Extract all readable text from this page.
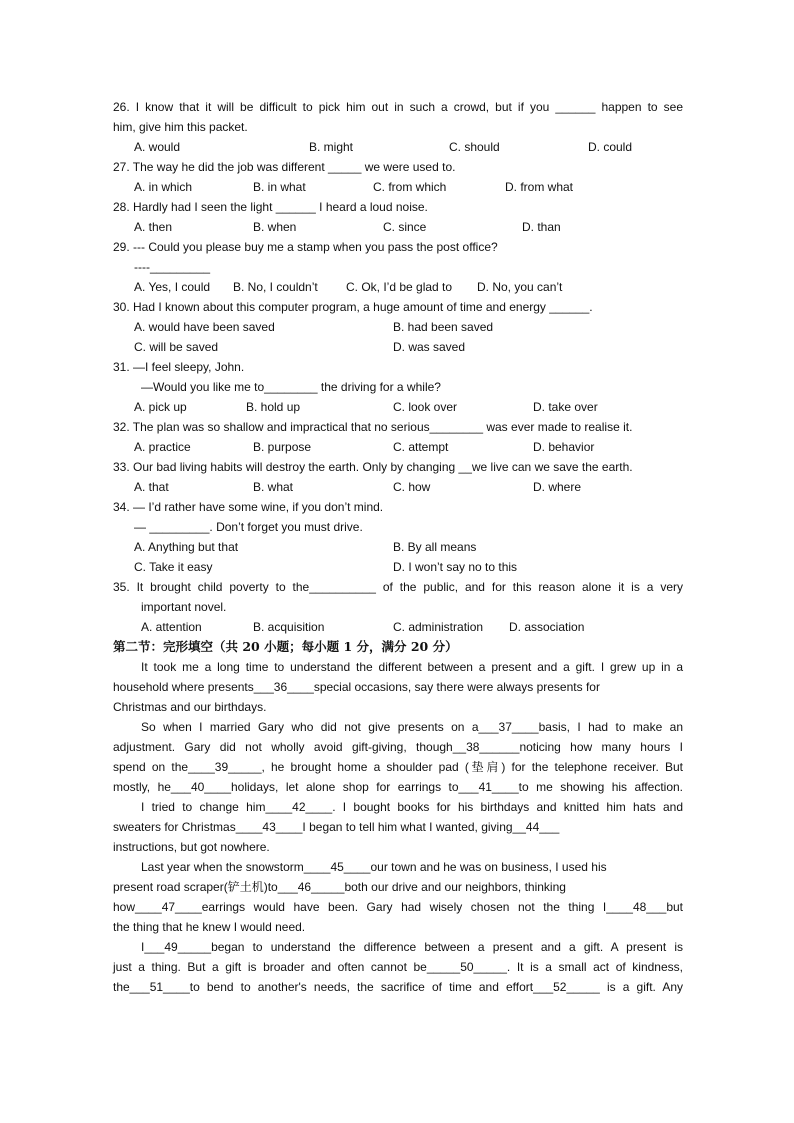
26. I know that it will be difficult to pick him out in such a crowd, but if you ______ happen to see
him, give him this packet.
A. would	B. might	C. should	D. could
27. The way he did the job was different _____ we were used to.
A. in which	B. in what	C. from which	D. from what
28. Hardly had I seen the light ______ I heard a loud noise.
A. then	B. when	C. since	D. than
29. --- Could you please buy me a stamp when you pass the post office?
----_________
A. Yes, I could B. No, I couldn’t C. Ok, I’d be glad to D. No, you can’t
30. Had I known about this computer program, a huge amount of time and energy ______.
A. would have been saved	B. had been saved
C. will be saved	D. was saved
31. —I feel sleepy, John.
—Would you like me to________ the driving for a while?
A. pick up	B. hold up	C. look over	D. take over
32. The plan was so shallow and impractical that no serious________ was ever made to realise it.
A. practice	B. purpose	C. attempt	D. behavior
33. Our bad living habits will destroy the earth. Only by changing __we live can we save the earth.
A. that	B. what	C. how	D. where
34. — I’d rather have some wine, if you don’t mind.
— _________. Don’t forget you must drive.
A. Anything but that	B. By all means
C. Take it easy	D. I won’t say no to this
35. It brought child poverty to the__________ of the public, and for this reason alone it is a very
important novel.
A. attention	B. acquisition	C. administration D. association
第二节：完形填空（共 20 小题；每小题 1 分，满分 20 分）
It took me a long time to understand the different between a present and a gift. I grew up in a
household where presents___36____special occasions, say there were always presents for
Christmas and our birthdays.
So when I married Gary who did not give presents on a___37____basis, I had to make an
adjustment. Gary did not wholly avoid gift-giving, though__38______noticing how many hours I
spend on the____39_____, he brought home a shoulder pad (垫肩) for the telephone receiver. But
mostly, he___40____holidays, let alone shop for earrings to___41____to me showing his affection.
I tried to change him____42____. I bought books for his birthdays and knitted him hats and
sweaters for Christmas____43____I began to tell him what I wanted, giving__44___
instructions, but got nowhere.
Last year when the snowstorm____45____our town and he was on business, I used his
present road scraper(铲土机)to___46_____both our drive and our neighbors, thinking
how____47____earrings would have been. Gary had wisely chosen not the thing I____48___but
the thing that he knew I would need.
I___49_____began to understand the difference between a present and a gift. A present is
just a thing. But a gift is broader and often cannot be_____50_____. It is a small act of kindness,
the___51____to bend to another's needs, the sacrifice of time and effort___52_____ is a gift. Any
